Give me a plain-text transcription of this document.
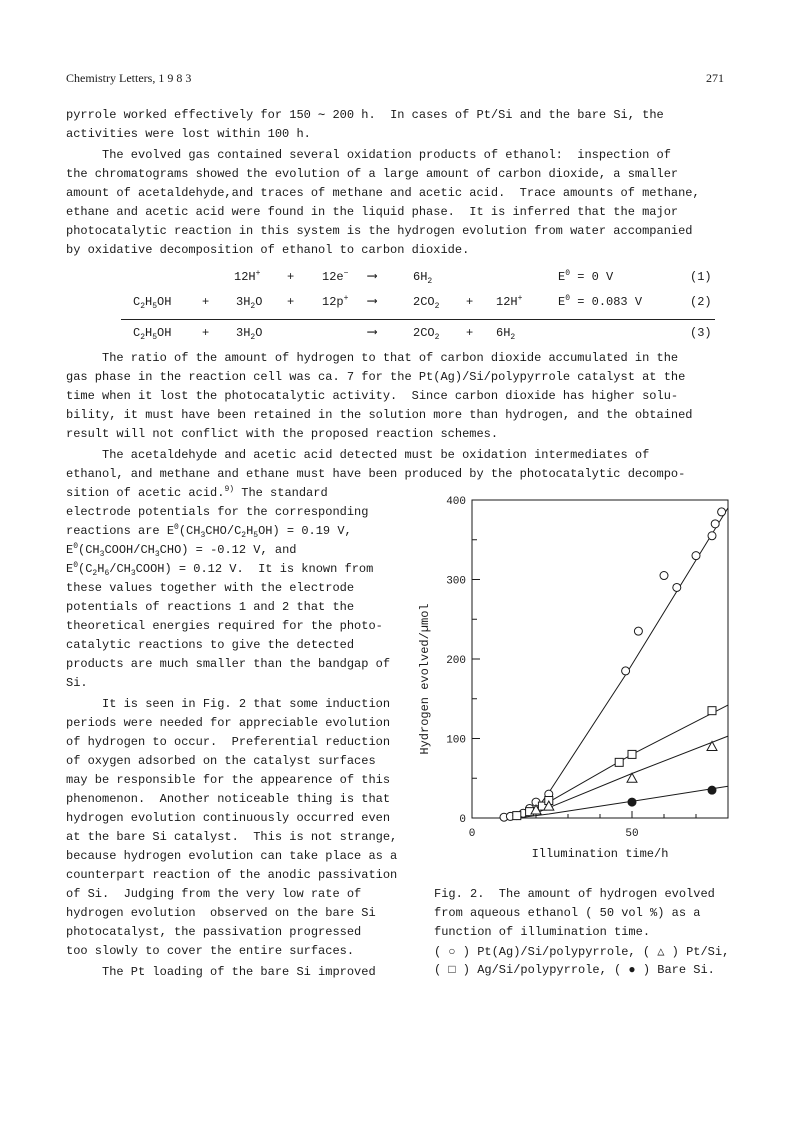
Chemistry Letters, 1 9 8 3	271
pyrrole worked effectively for 150 ∼ 200 h.  In cases of Pt/Si and the bare Si, the
activities were lost within 100 h.
The evolved gas contained several oxidation products of ethanol:  inspection of
the chromatograms showed the evolution of a large amount of carbon dioxide, a smaller
amount of acetaldehyde,and traces of methane and acetic acid.  Trace amounts of methane,
ethane and acetic acid were found in the liquid phase.  It is inferred that the major
photocatalytic reaction in this system is the hydrogen evolution from water accompanied
by oxidative decomposition of ethanol to carbon dioxide.
12H+ + 12e− ⟶	$6H_2$	$E^0 = 0$ V	(1)
$C_2H_5OH$	+ $3H_2O + 12p^+$ ⟶	$2CO_2 + 12H^+$	$E^0 = 0.083$ V	(2)
$C_2H_5OH$	+ $3H_2O$	⟶	$2CO_2 + 6H_2$	(3)
The ratio of the amount of hydrogen to that of carbon dioxide accumulated in the
gas phase in the reaction cell was ca. 7 for the Pt(Ag)/Si/polypyrrole catalyst at the
time when it lost the photocatalytic activity.  Since carbon dioxide has higher solu-
bility, it must have been retained in the solution more than hydrogen, and the obtained
result will not conflict with the proposed reaction schemes.
The acetaldehyde and acetic acid detected must be oxidation intermediates of
ethanol, and methane and ethane must have been produced by the photocatalytic decompo-
sition of acetic acid.$^{9)}$ The standard
electrode potentials for the corresponding
reactions are $E^0(CH_3CHO/C_2H_5OH) = 0.19$ V,
$E^0(CH_3COOH/CH_3CHO) = -0.12$ V, and
$E^0(C_2H_6/CH_3COOH) = 0.12$ V.  It is known from
these values together with the electrode
potentials of reactions 1 and 2 that the
theoretical energies required for the photo-
catalytic reactions to give the detected
products are much smaller than the bandgap of
Si.
It is seen in Fig. 2 that some induction
periods were needed for appreciable evolution
of hydrogen to occur.  Preferential reduction
of oxygen adsorbed on the catalyst surfaces
may be responsible for the appearence of this
phenomenon.  Another noticeable thing is that
hydrogen evolution continuously occurred even
at the bare Si catalyst.  This is not strange,
because hydrogen evolution can take place as a
counterpart reaction of the anodic passivation
of Si.  Judging from the very low rate of
hydrogen evolution  observed on the bare Si
photocatalyst, the passivation progressed
too slowly to cover the entire surfaces.
The Pt loading of the bare Si improved
0
100
200
300
400
0	50
Illumination time/h
Hydrogen evolved/µmol
Fig. 2.  The amount of hydrogen evolved
from aqueous ethanol ( 50 vol %) as a
function of illumination time.
( ○ ) Pt(Ag)/Si/polypyrrole, ( △ ) Pt/Si,
( □ ) Ag/Si/polypyrrole, ( ● ) Bare Si.
